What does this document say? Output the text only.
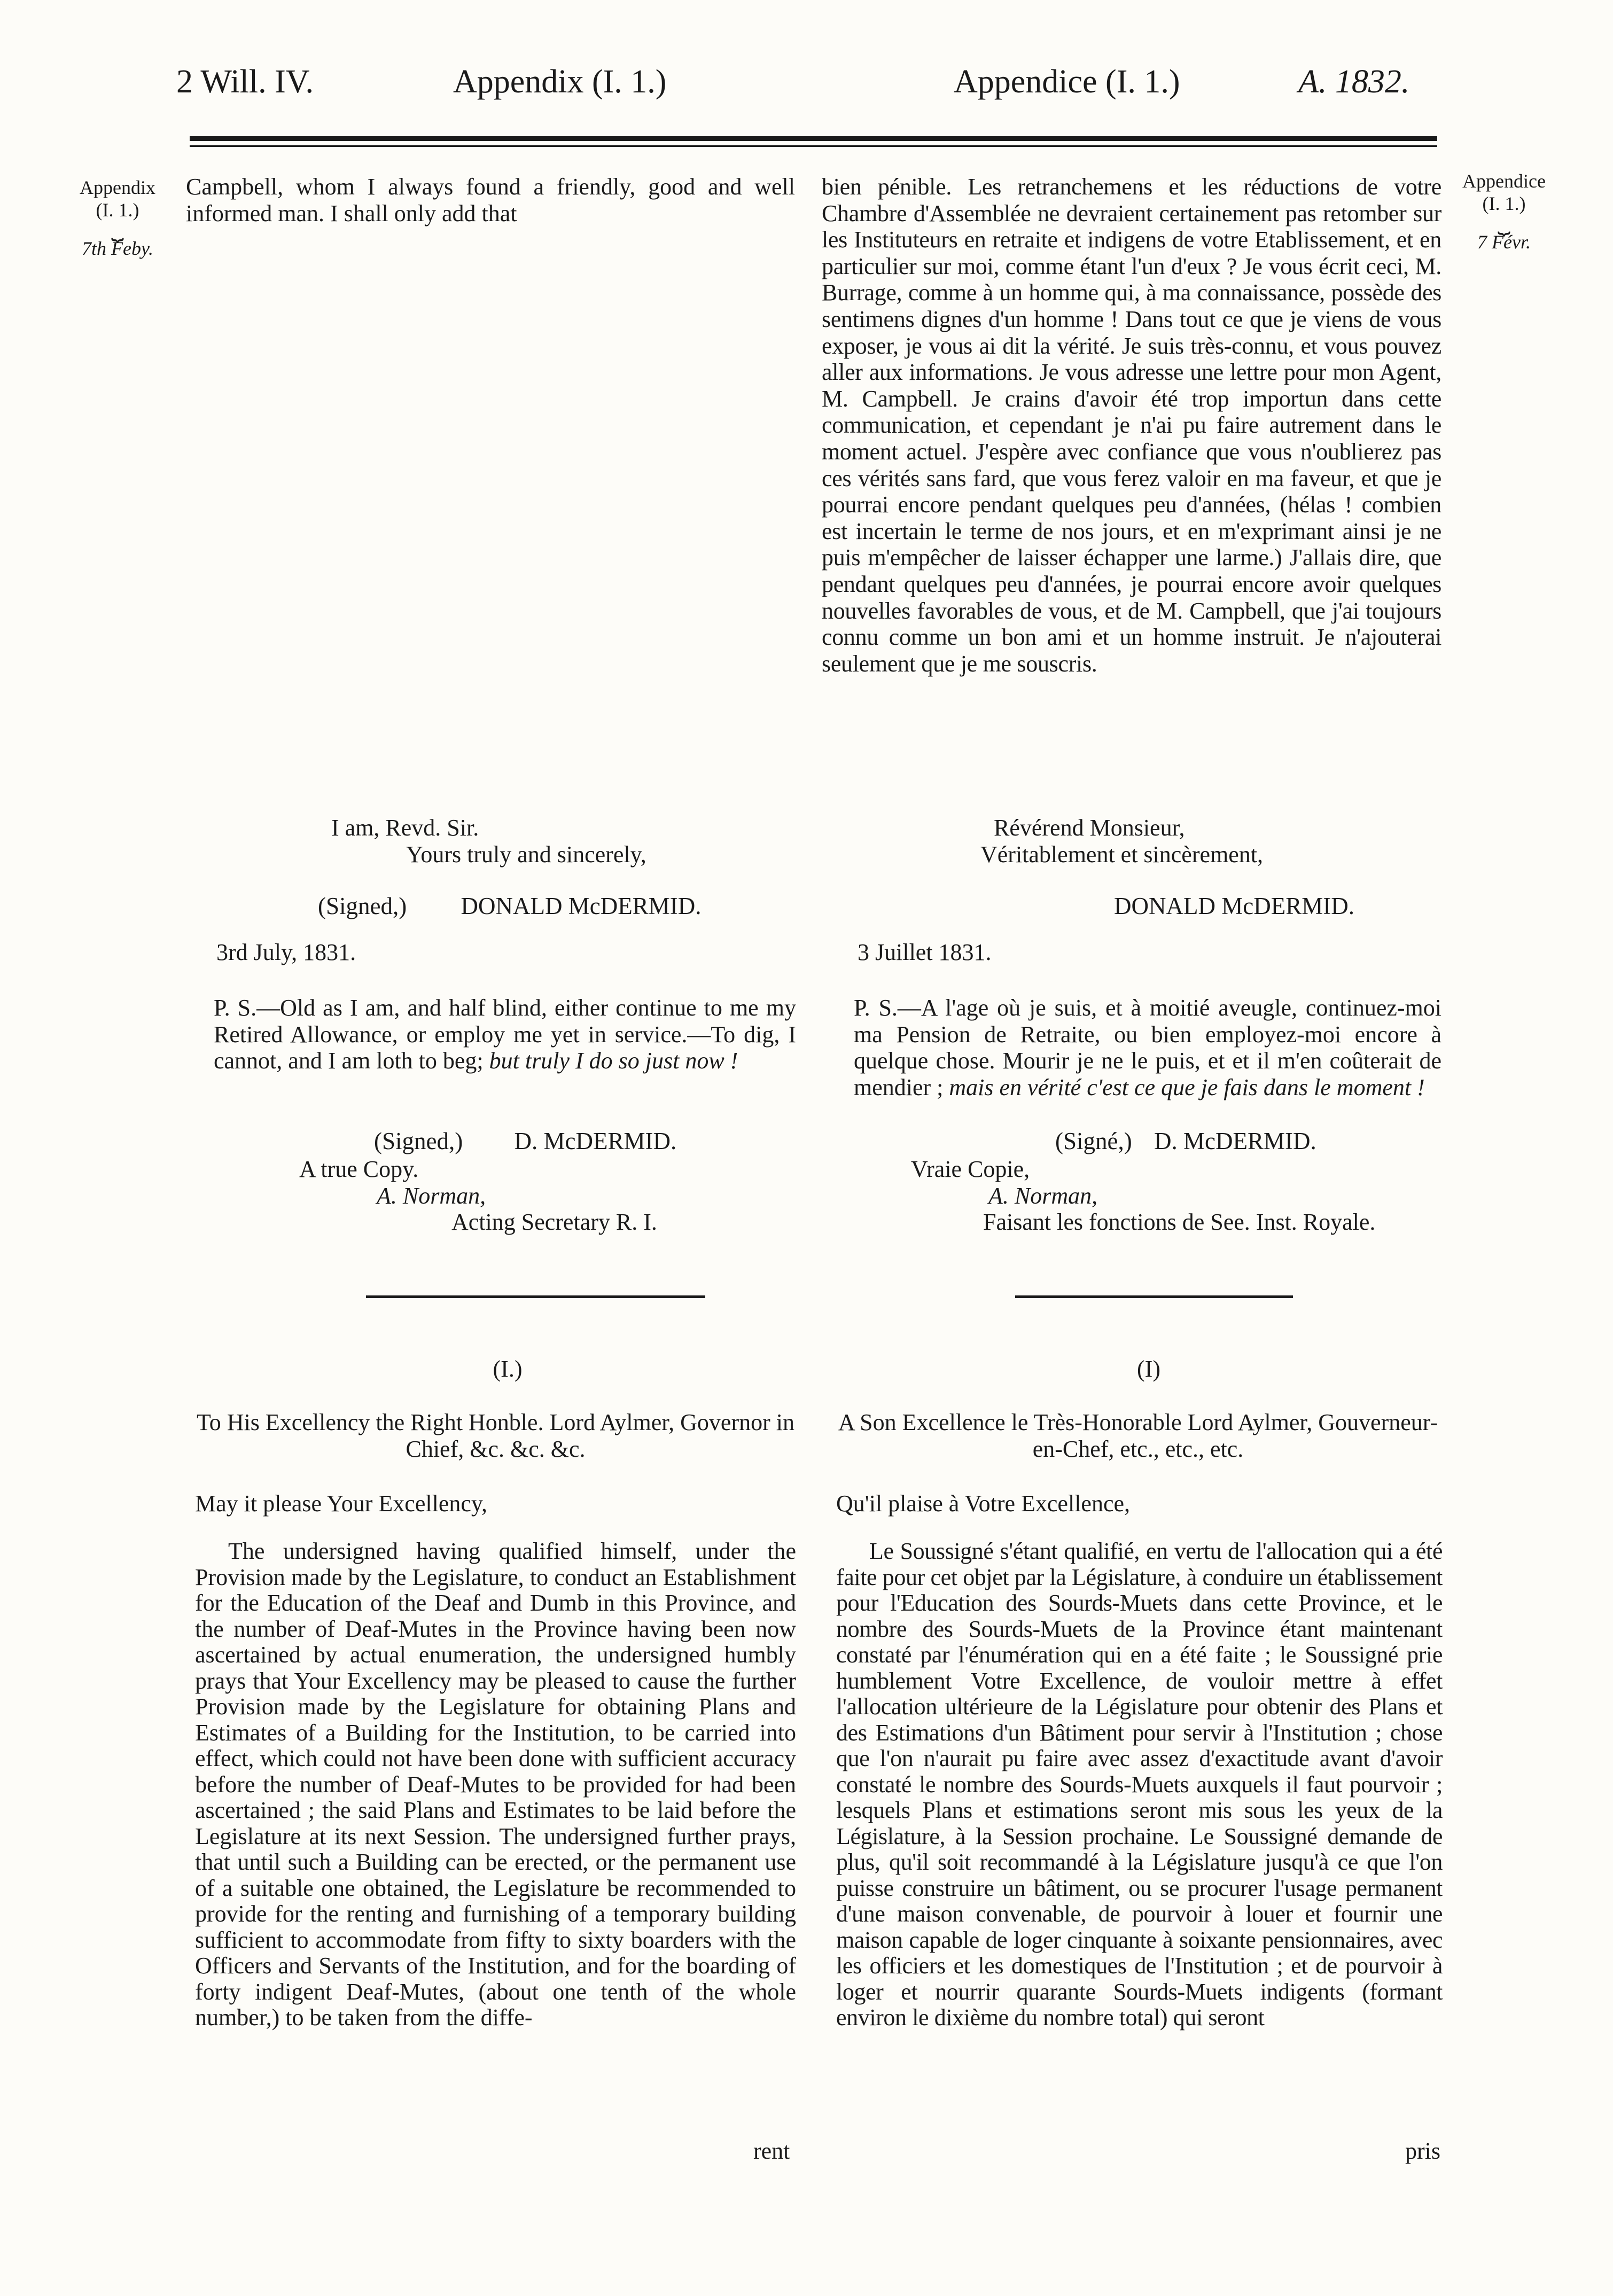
2 Will. IV.	Appendix (I. 1.)	Appendice (I. 1.)	A. 1832.
Appendix
(I. 1.)
⏟
7th Feby.
Appendice
(I. 1.)
⏟
7 Févr.
Campbell, whom I always found a friendly, good and well informed man. I shall only add that
bien pénible. Les retranchemens et les réductions de votre Chambre d'Assemblée ne devraient certainement pas retomber sur les Instituteurs en retraite et indigens de votre Etablissement, et en particulier sur moi, comme étant l'un d'eux ? Je vous écrit ceci, M. Burrage, comme à un homme qui, à ma connaissance, possède des sentimens dignes d'un homme ! Dans tout ce que je viens de vous exposer, je vous ai dit la vérité. Je suis très-connu, et vous pouvez aller aux informations. Je vous adresse une lettre pour mon Agent, M. Campbell. Je crains d'avoir été trop importun dans cette communication, et cependant je n'ai pu faire autrement dans le moment actuel. J'espère avec confiance que vous n'oublierez pas ces vérités sans fard, que vous ferez valoir en ma faveur, et que je pourrai encore pendant quelques peu d'années, (hélas ! combien est incertain le terme de nos jours, et en m'exprimant ainsi je ne puis m'empêcher de laisser échapper une larme.) J'allais dire, que pendant quelques peu d'années, je pourrai encore avoir quelques nouvelles favorables de vous, et de M. Campbell, que j'ai toujours connu comme un bon ami et un homme instruit. Je n'ajouterai seulement que je me souscris.

I am, Revd. Sir.

Yours truly and sincerely,

(Signed,) DONALD McDERMID.
3rd July, 1831.
P. S.—Old as I am, and half blind, either continue to me my Retired Allowance, or employ me yet in service.—To dig, I cannot, and I am loth to beg; but truly I do so just now !
(Signed,) D. McDERMID.

A true Copy.

A. Norman,

Acting Secretary R. I.

Révérend Monsieur,

Véritablement et sincèrement,

DONALD McDERMID.
3 Juillet 1831.
P. S.—A l'age où je suis, et à moitié aveugle, continuez-moi ma Pension de Retraite, ou bien employez-moi encore à quelque chose. Mourir je ne le puis, et et il m'en coûterait de mendier ; mais en vérité c'est ce que je fais dans le moment !
(Signé,) D. McDERMID.

Vraie Copie,

A. Norman,

Faisant les fonctions de See. Inst. Royale.

(I.)
To His Excellency the Right Honble. Lord Aylmer, Governor in Chief, &c. &c. &c.
May it please Your Excellency,
The undersigned having qualified himself, under the Provision made by the Legislature, to conduct an Establishment for the Education of the Deaf and Dumb in this Province, and the number of Deaf-Mutes in the Province having been now ascertained by actual enumeration, the undersigned humbly prays that Your Excellency may be pleased to cause the further Provision made by the Legislature for obtaining Plans and Estimates of a Building for the Institution, to be carried into effect, which could not have been done with sufficient accuracy before the number of Deaf-Mutes to be provided for had been ascertained ; the said Plans and Estimates to be laid before the Legislature at its next Session. The undersigned further prays, that until such a Building can be erected, or the permanent use of a suitable one obtained, the Legislature be recommended to provide for the renting and furnishing of a temporary building sufficient to accommodate from fifty to sixty boarders with the Officers and Servants of the Institution, and for the boarding of forty indigent Deaf-Mutes, (about one tenth of the whole number,) to be taken from the diffe-
rent
(I)
A Son Excellence le Très-Honorable Lord Aylmer, Gouverneur-en-Chef, etc., etc., etc.
Qu'il plaise à Votre Excellence,
Le Soussigné s'étant qualifié, en vertu de l'allocation qui a été faite pour cet objet par la Législature, à conduire un établissement pour l'Education des Sourds-Muets dans cette Province, et le nombre des Sourds-Muets de la Province étant maintenant constaté par l'énumération qui en a été faite ; le Soussigné prie humblement Votre Excellence, de vouloir mettre à effet l'allocation ultérieure de la Législature pour obtenir des Plans et des Estimations d'un Bâtiment pour servir à l'Institution ; chose que l'on n'aurait pu faire avec assez d'exactitude avant d'avoir constaté le nombre des Sourds-Muets auxquels il faut pourvoir ; lesquels Plans et estimations seront mis sous les yeux de la Législature, à la Session prochaine. Le Soussigné demande de plus, qu'il soit recommandé à la Législature jusqu'à ce que l'on puisse construire un bâtiment, ou se procurer l'usage permanent d'une maison convenable, de pourvoir à louer et fournir une maison capable de loger cinquante à soixante pensionnaires, avec les officiers et les domestiques de l'Institution ; et de pourvoir à loger et nourrir quarante Sourds-Muets indigents (formant environ le dixième du nombre total) qui seront
pris
